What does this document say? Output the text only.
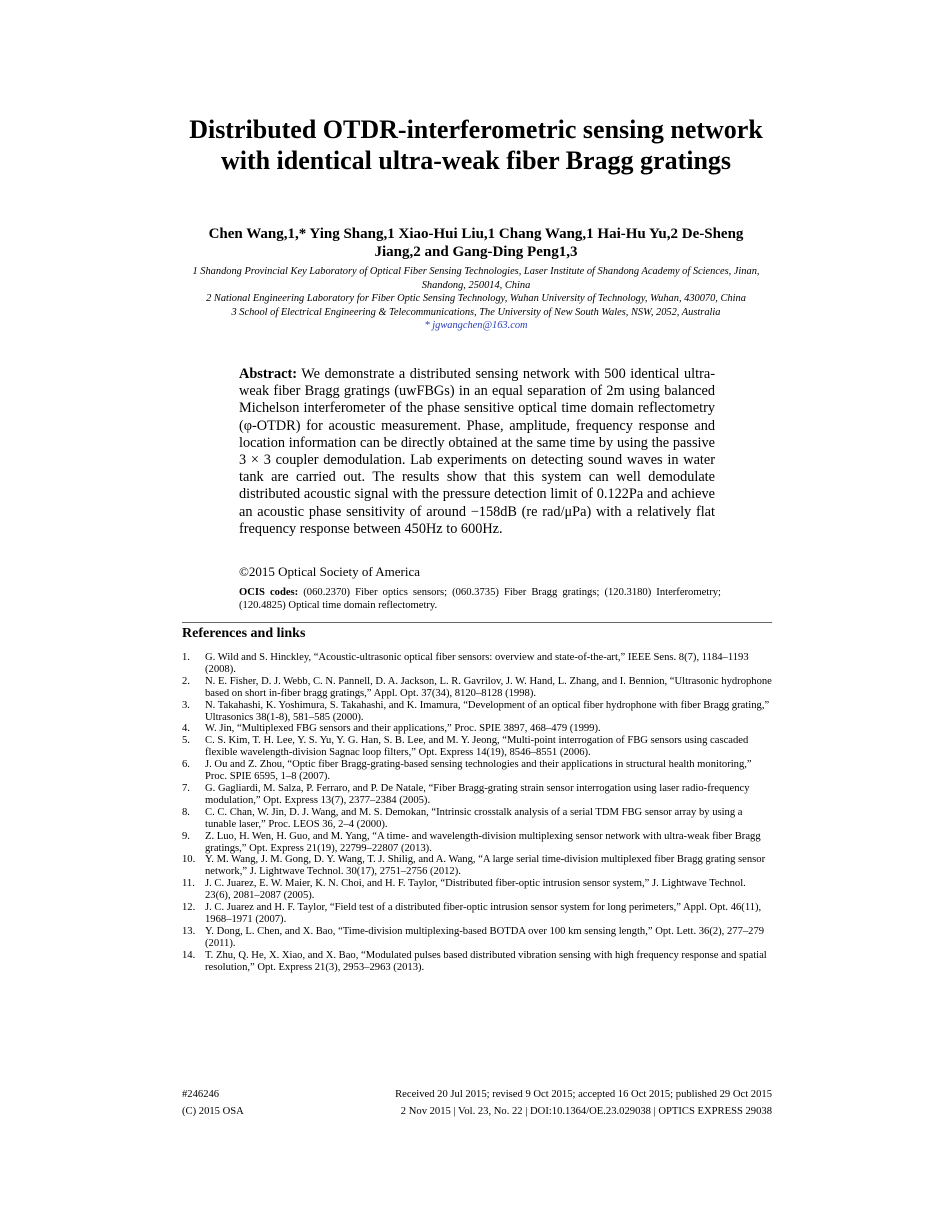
Distributed OTDR-interferometric sensing network with identical ultra-weak fiber Bragg gratings
Chen Wang,1,* Ying Shang,1 Xiao-Hui Liu,1 Chang Wang,1 Hai-Hu Yu,2 De-Sheng Jiang,2 and Gang-Ding Peng1,3
1 Shandong Provincial Key Laboratory of Optical Fiber Sensing Technologies, Laser Institute of Shandong Academy of Sciences, Jinan, Shandong, 250014, China
2 National Engineering Laboratory for Fiber Optic Sensing Technology, Wuhan University of Technology, Wuhan, 430070, China
3 School of Electrical Engineering & Telecommunications, The University of New South Wales, NSW, 2052, Australia
* jgwangchen@163.com
Abstract: We demonstrate a distributed sensing network with 500 identical ultra-weak fiber Bragg gratings (uwFBGs) in an equal separation of 2m using balanced Michelson interferometer of the phase sensitive optical time domain reflectometry (φ-OTDR) for acoustic measurement. Phase, amplitude, frequency response and location information can be directly obtained at the same time by using the passive 3 × 3 coupler demodulation. Lab experiments on detecting sound waves in water tank are carried out. The results show that this system can well demodulate distributed acoustic signal with the pressure detection limit of 0.122Pa and achieve an acoustic phase sensitivity of around −158dB (re rad/μPa) with a relatively flat frequency response between 450Hz to 600Hz.
©2015 Optical Society of America
OCIS codes: (060.2370) Fiber optics sensors; (060.3735) Fiber Bragg gratings; (120.3180) Interferometry; (120.4825) Optical time domain reflectometry.
References and links
1. G. Wild and S. Hinckley, “Acoustic-ultrasonic optical fiber sensors: overview and state-of-the-art,” IEEE Sens. 8(7), 1184–1193 (2008).
2. N. E. Fisher, D. J. Webb, C. N. Pannell, D. A. Jackson, L. R. Gavrilov, J. W. Hand, L. Zhang, and I. Bennion, “Ultrasonic hydrophone based on short in-fiber bragg gratings,” Appl. Opt. 37(34), 8120–8128 (1998).
3. N. Takahashi, K. Yoshimura, S. Takahashi, and K. Imamura, “Development of an optical fiber hydrophone with fiber Bragg grating,” Ultrasonics 38(1-8), 581–585 (2000).
4. W. Jin, “Multiplexed FBG sensors and their applications,” Proc. SPIE 3897, 468–479 (1999).
5. C. S. Kim, T. H. Lee, Y. S. Yu, Y. G. Han, S. B. Lee, and M. Y. Jeong, “Multi-point interrogation of FBG sensors using cascaded flexible wavelength-division Sagnac loop filters,” Opt. Express 14(19), 8546–8551 (2006).
6. J. Ou and Z. Zhou, “Optic fiber Bragg-grating-based sensing technologies and their applications in structural health monitoring,” Proc. SPIE 6595, 1–8 (2007).
7. G. Gagliardi, M. Salza, P. Ferraro, and P. De Natale, “Fiber Bragg-grating strain sensor interrogation using laser radio-frequency modulation,” Opt. Express 13(7), 2377–2384 (2005).
8. C. C. Chan, W. Jin, D. J. Wang, and M. S. Demokan, “Intrinsic crosstalk analysis of a serial TDM FBG sensor array by using a tunable laser,” Proc. LEOS 36, 2–4 (2000).
9. Z. Luo, H. Wen, H. Guo, and M. Yang, “A time- and wavelength-division multiplexing sensor network with ultra-weak fiber Bragg gratings,” Opt. Express 21(19), 22799–22807 (2013).
10. Y. M. Wang, J. M. Gong, D. Y. Wang, T. J. Shilig, and A. Wang, “A large serial time-division multiplexed fiber Bragg grating sensor network,” J. Lightwave Technol. 30(17), 2751–2756 (2012).
11. J. C. Juarez, E. W. Maier, K. N. Choi, and H. F. Taylor, “Distributed fiber-optic intrusion sensor system,” J. Lightwave Technol. 23(6), 2081–2087 (2005).
12. J. C. Juarez and H. F. Taylor, “Field test of a distributed fiber-optic intrusion sensor system for long perimeters,” Appl. Opt. 46(11), 1968–1971 (2007).
13. Y. Dong, L. Chen, and X. Bao, “Time-division multiplexing-based BOTDA over 100 km sensing length,” Opt. Lett. 36(2), 277–279 (2011).
14. T. Zhu, Q. He, X. Xiao, and X. Bao, “Modulated pulses based distributed vibration sensing with high frequency response and spatial resolution,” Opt. Express 21(3), 2953–2963 (2013).
#246246	Received 20 Jul 2015; revised 9 Oct 2015; accepted 16 Oct 2015; published 29 Oct 2015
(C) 2015 OSA	2 Nov 2015 | Vol. 23, No. 22 | DOI:10.1364/OE.23.029038 | OPTICS EXPRESS 29038
